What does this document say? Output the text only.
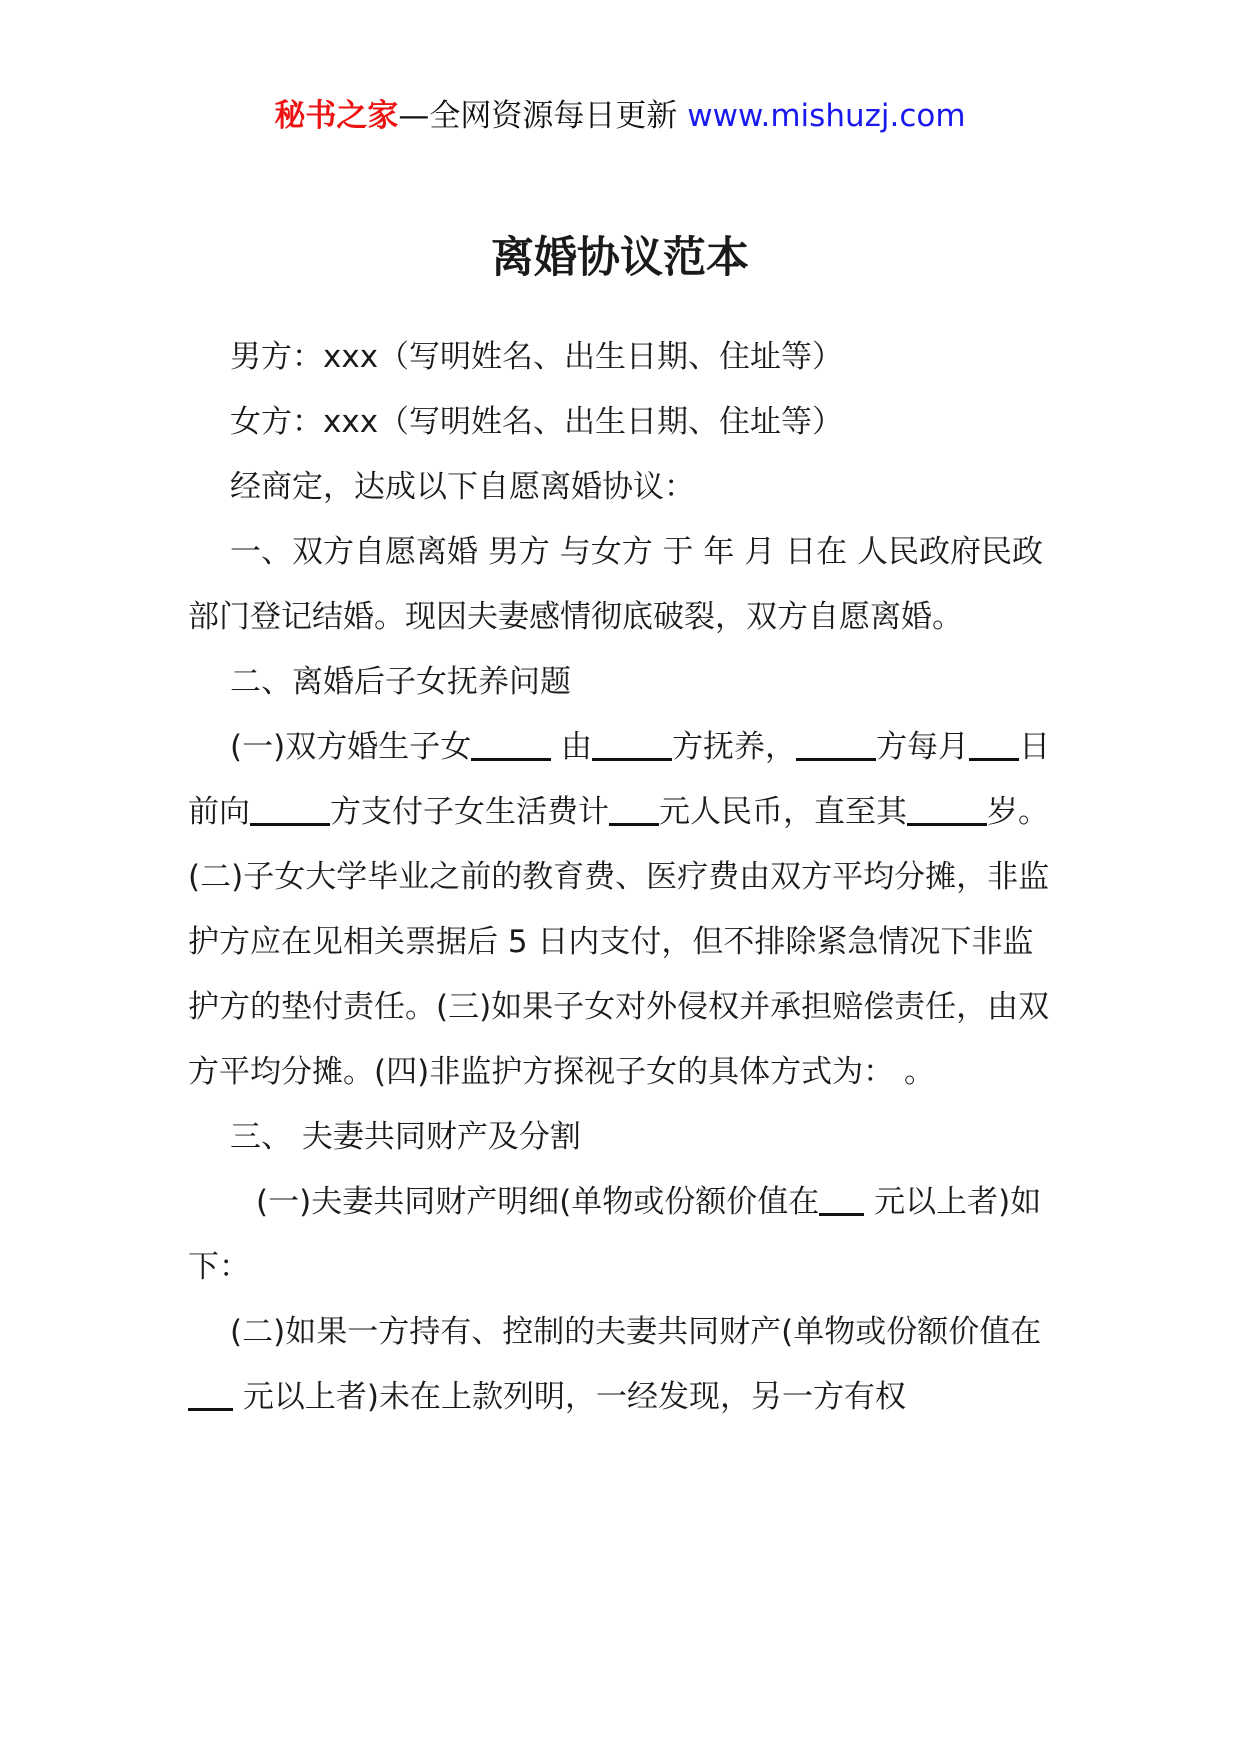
秘书之家—全网资源每日更新 www.mishuzj.com
离婚协议范本

男方：xxx（写明姓名、出生日期、住址等）

女方：xxx（写明姓名、出生日期、住址等）

经商定，达成以下自愿离婚协议：

一、双方自愿离婚 男方 与女方 于 年 月 日在 人民政府民政部门登记结婚。现因夫妻感情彻底破裂，双方自愿离婚。

二、离婚后子女抚养问题

(一)双方婚生子女	由	方抚养，	方每月 日前向	方支付子女生活费计 元人民币，直至其	岁。(二)子女大学毕业之前的教育费、医疗费由双方平均分摊，非监护方应在见相关票据后 5 日内支付，但不排除紧急情况下非监护方的垫付责任。(三)如果子女对外侵权并承担赔偿责任，由双方平均分摊。(四)非监护方探视子女的具体方式为： 。

三、 夫妻共同财产及分割

(一)夫妻共同财产明细(单物或份额价值在 元以上者)如下：

(二)如果一方持有、控制的夫妻共同财产(单物或份额价值在 元以上者)未在上款列明，一经发现，另一方有权
